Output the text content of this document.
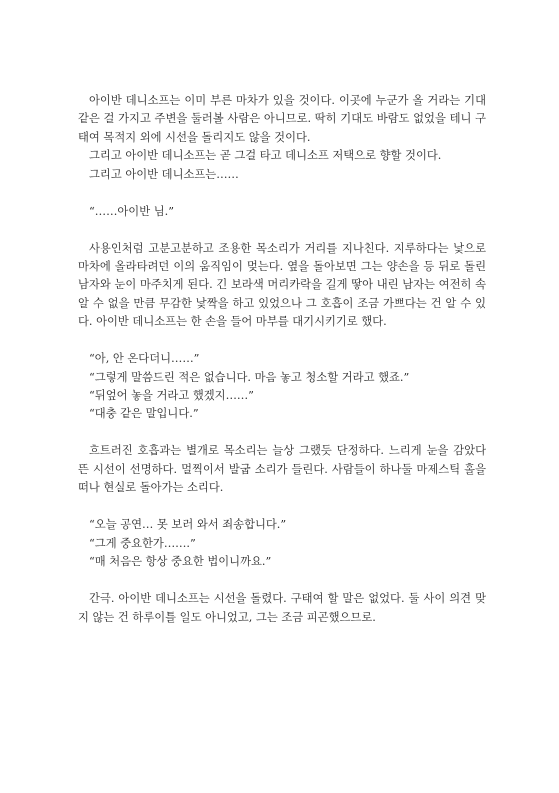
아이반 데니소프는 이미 부른 마차가 있을 것이다. 이곳에 누군가 올 거라는 기대 같은 걸 가지고 주변을 둘러볼 사람은 아니므로. 딱히 기대도 바람도 없었을 테니 구태여 목적지 외에 시선을 돌리지도 않을 것이다.

그리고 아이반 데니소프는 곧 그걸 타고 데니소프 저택으로 향할 것이다.

그리고 아이반 데니소프는……

“……아이반 님.”

사용인처럼 고분고분하고 조용한 목소리가 거리를 지나친다. 지루하다는 낯으로 마차에 올라타려던 이의 움직임이 멎는다. 옆을 돌아보면 그는 양손을 등 뒤로 돌린 남자와 눈이 마주치게 된다. 긴 보라색 머리카락을 길게 땋아 내린 남자는 여전히 속 알 수 없을 만큼 무감한 낯짝을 하고 있었으나 그 호흡이 조금 가쁘다는 건 알 수 있다. 아이반 데니소프는 한 손을 들어 마부를 대기시키기로 했다.

“아, 안 온다더니……”

“그렇게 말씀드린 적은 없습니다. 마음 놓고 청소할 거라고 했죠.”

“뒤엎어 놓을 거라고 했겠지……”

“대충 같은 말입니다.”

흐트러진 호흡과는 별개로 목소리는 늘상 그랬듯 단정하다. 느리게 눈을 감았다 뜬 시선이 선명하다. 멀찍이서 발굽 소리가 들린다. 사람들이 하나둘 마제스틱 홀을 떠나 현실로 돌아가는 소리다.

“오늘 공연… 못 보러 와서 죄송합니다.”

“그게 중요한가…….”

“매 처음은 항상 중요한 법이니까요.”

간극. 아이반 데니소프는 시선을 돌렸다. 구태여 할 말은 없었다. 둘 사이 의견 맞지 않는 건 하루이틀 일도 아니었고, 그는 조금 피곤했으므로.
